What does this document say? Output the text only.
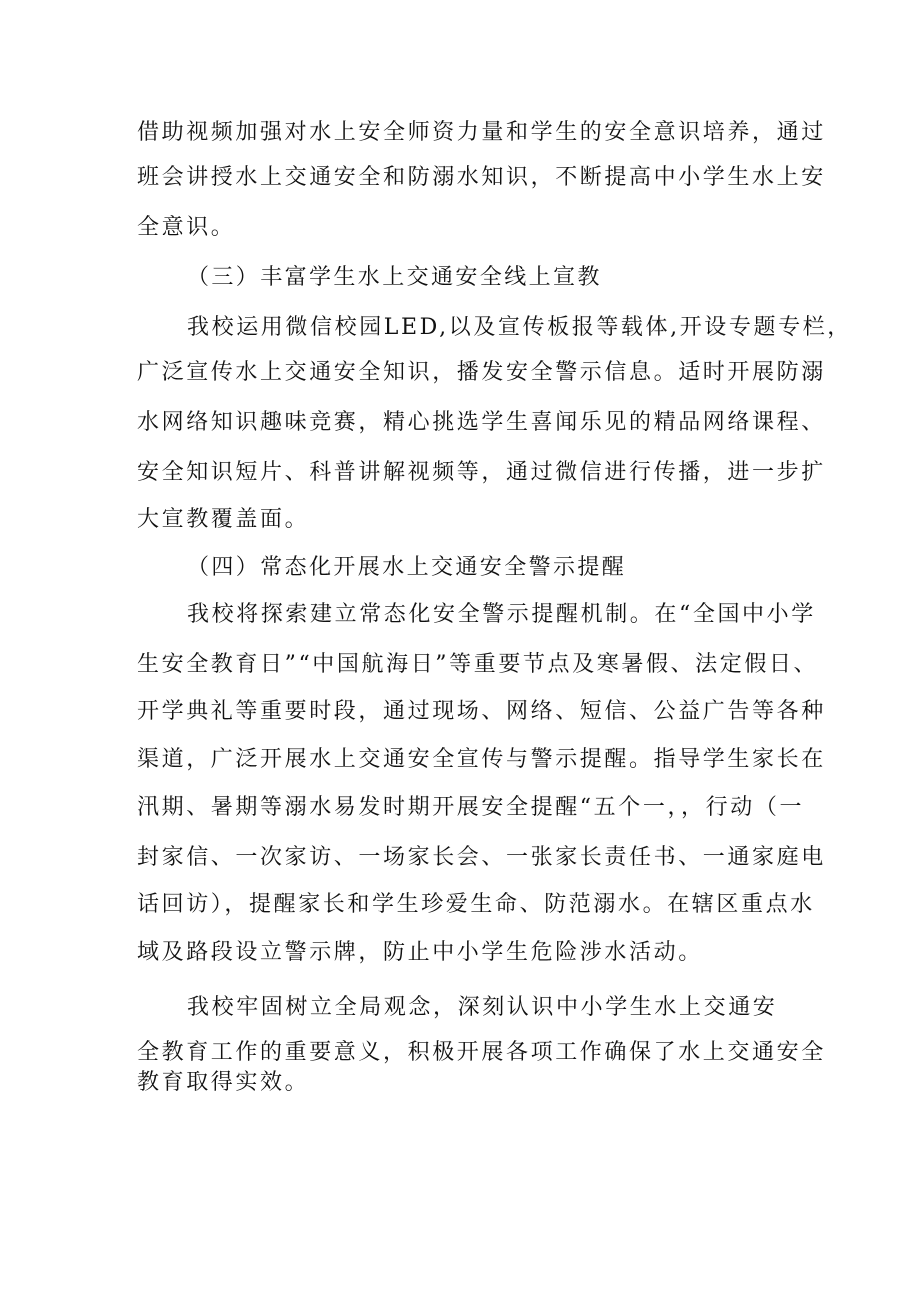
借助视频加强对水上安全师资力量和学生的安全意识培养，通过
班会讲授水上交通安全和防溺水知识，不断提高中小学生水上安
全意识。
（三）丰富学生水上交通安全线上宣教
我校运用微信校园LED,以及宣传板报等载体,开设专题专栏，
广泛宣传水上交通安全知识，播发安全警示信息。适时开展防溺
水网络知识趣味竞赛，精心挑选学生喜闻乐见的精品网络课程、
安全知识短片、科普讲解视频等，通过微信进行传播，进一步扩
大宣教覆盖面。
（四）常态化开展水上交通安全警示提醒
我校将探索建立常态化安全警示提醒机制。在“全国中小学
生安全教育日”“中国航海日”等重要节点及寒暑假、法定假日、
开学典礼等重要时段，通过现场、网络、短信、公益广告等各种
渠道，广泛开展水上交通安全宣传与警示提醒。指导学生家长在
汛期、暑期等溺水易发时期开展安全提醒“五个一，，行动（一
封家信、一次家访、一场家长会、一张家长责任书、一通家庭电
话回访），提醒家长和学生珍爱生命、防范溺水。在辖区重点水
域及路段设立警示牌，防止中小学生危险涉水活动。
我校牢固树立全局观念，深刻认识中小学生水上交通安
全教育工作的重要意义，积极开展各项工作确保了水上交通安全
教育取得实效。
